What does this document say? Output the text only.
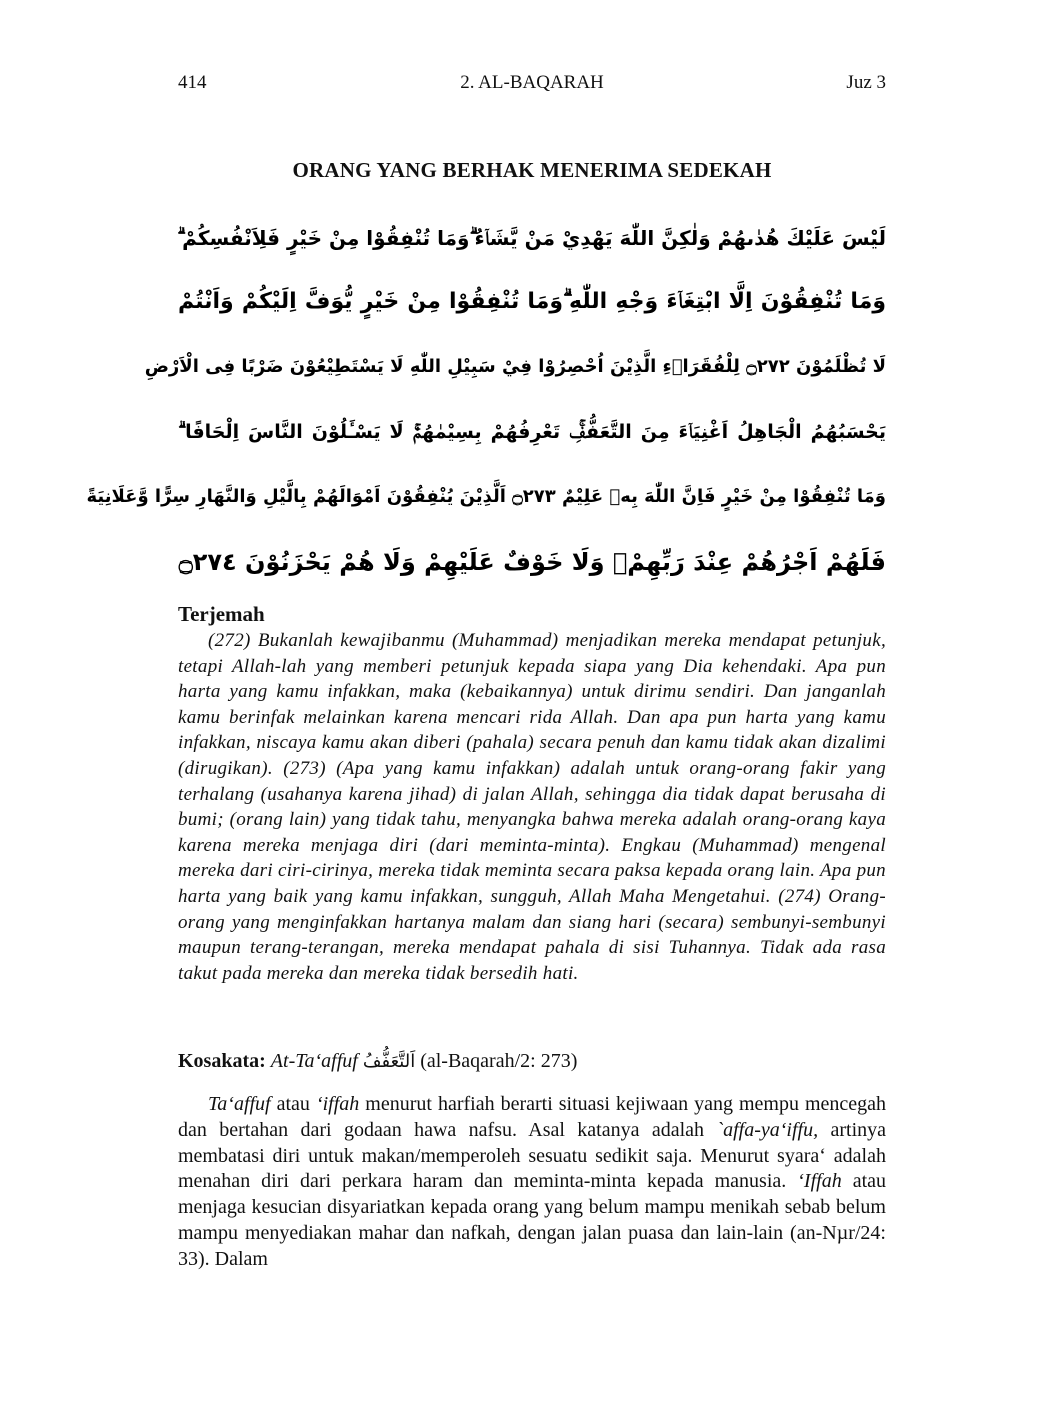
414	2. AL-BAQARAH	Juz 3
ORANG YANG BERHAK MENERIMA SEDEKAH
لَيْسَ عَلَيْكَ هُدٰىهُمْ وَلٰكِنَّ اللّٰهَ يَهْدِيْ مَنْ يَّشَاۤءُ ۗوَمَا تُنْفِقُوْا مِنْ خَيْرٍ فَلِاَنْفُسِكُمْ ۗ
وَمَا تُنْفِقُوْنَ اِلَّا ابْتِغَاۤءَ وَجْهِ اللّٰهِ ۗوَمَا تُنْفِقُوْا مِنْ خَيْرٍ يُّوَفَّ اِلَيْكُمْ وَاَنْتُمْ
لَا تُظْلَمُوْنَ ۝٢٧٢ لِلْفُقَرَاۤءِ الَّذِيْنَ اُحْصِرُوْا فِيْ سَبِيْلِ اللّٰهِ لَا يَسْتَطِيْعُوْنَ ضَرْبًا فِى الْاَرْضِ
يَحْسَبُهُمُ الْجَاهِلُ اَغْنِيَاۤءَ مِنَ التَّعَفُّفِۚ تَعْرِفُهُمْ بِسِيْمٰهُمْۚ لَا يَسْـَٔلُوْنَ النَّاسَ اِلْحَافًا ۗ
وَمَا تُنْفِقُوْا مِنْ خَيْرٍ فَاِنَّ اللّٰهَ بِهٖ عَلِيْمٌ ۝٢٧٣ اَلَّذِيْنَ يُنْفِقُوْنَ اَمْوَالَهُمْ بِالَّيْلِ وَالنَّهَارِ سِرًّا وَّعَلَانِيَةً
فَلَهُمْ اَجْرُهُمْ عِنْدَ رَبِّهِمْۚ وَلَا خَوْفٌ عَلَيْهِمْ وَلَا هُمْ يَحْزَنُوْنَ ۝٢٧٤
Terjemah
(272) Bukanlah kewajibanmu (Muhammad) menjadikan mereka mendapat petunjuk, tetapi Allah-lah yang memberi petunjuk kepada siapa yang Dia kehendaki. Apa pun harta yang kamu infakkan, maka (kebaikannya) untuk dirimu sendiri. Dan janganlah kamu berinfak melainkan karena mencari rida Allah. Dan apa pun harta yang kamu infakkan, niscaya kamu akan diberi (pahala) secara penuh dan kamu tidak akan dizalimi (dirugikan). (273) (Apa yang kamu infakkan) adalah untuk orang-orang fakir yang terhalang (usahanya karena jihad) di jalan Allah, sehingga dia tidak dapat berusaha di bumi; (orang lain) yang tidak tahu, menyangka bahwa mereka adalah orang-orang kaya karena mereka menjaga diri (dari meminta-minta). Engkau (Muhammad) mengenal mereka dari ciri-cirinya, mereka tidak meminta secara paksa kepada orang lain. Apa pun harta yang baik yang kamu infakkan, sungguh, Allah Maha Mengetahui. (274) Orang-orang yang menginfakkan hartanya malam dan siang hari (secara) sembunyi-sembunyi maupun terang-terangan, mereka mendapat pahala di sisi Tuhannya. Tidak ada rasa takut pada mereka dan mereka tidak bersedih hati.
Kosakata: At-Ta‘affuf اَلتَّعَفُّفُ (al-Baqarah/2: 273)

Ta‘affuf atau ‘iffah menurut harfiah berarti situasi kejiwaan yang mempu mencegah dan bertahan dari godaan hawa nafsu. Asal katanya adalah `affa-ya‘iffu, artinya membatasi diri untuk makan/memperoleh sesuatu sedikit saja. Menurut syara‘ adalah menahan diri dari perkara haram dan meminta-minta kepada manusia. ‘Iffah atau menjaga kesucian disyariatkan kepada orang yang belum mampu menikah sebab belum mampu menyediakan mahar dan nafkah, dengan jalan puasa dan lain-lain (an-Nµr/24: 33). Dalam
